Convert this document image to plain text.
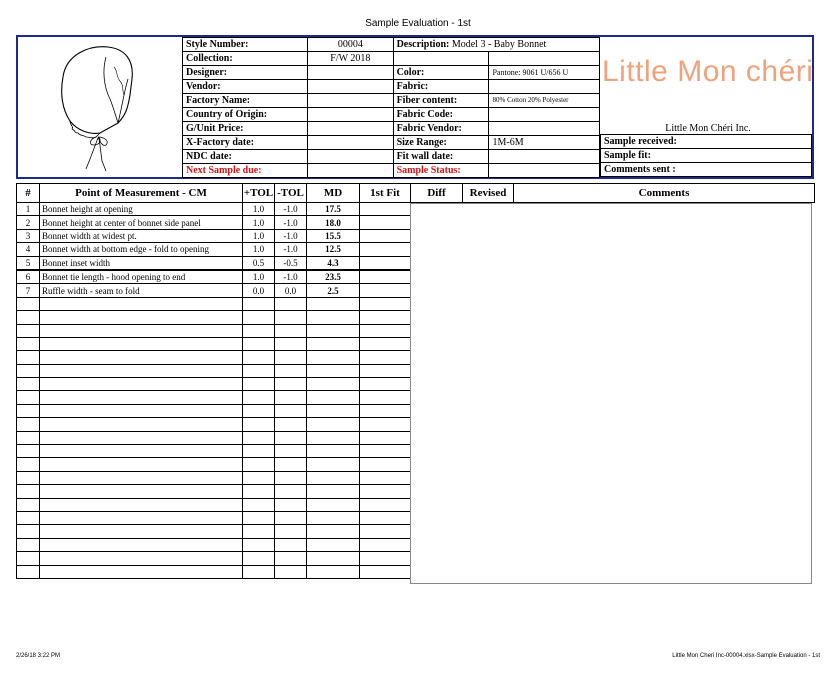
Sample Evaluation - 1st
Style Number:	00004	Description: Model 3 - Baby Bonnet	
Collection:	F/W 2018		
Designer:		Color:	Pantone: 9061 U/656 U
Vendor:		Fabric:	
Factory Name:		Fiber content:	80% Cotton 20% Polyester
Country of Origin:		Fabric Code:	
G/Unit Price:		Fabric Vendor:	
X-Factory date:		Size Range:	1M-6M
NDC date:		Fit wall date:	
Next Sample due:		Sample Status:	
Little Mon chéri
Little Mon Chéri Inc.
Sample received:
Sample fit:
Comments sent :
#	Point of Measurement - CM	+TOL	-TOL	MD	1st Fit	Diff	Revised	Comments
1	Bonnet height at opening	1.0	-1.0	17.5				
2	Bonnet height at center of bonnet side panel	1.0	-1.0	18.0				
3	Bonnet width at widest pt.	1.0	-1.0	15.5				
4	Bonnet width at bottom edge - fold to opening	1.0	-1.0	12.5				
5	Bonnet inset width	0.5	-0.5	4.3				
6	Bonnet tie length - hood opening to end	1.0	-1.0	23.5				
7	Ruffle width - seam to fold	0.0	0.0	2.5				

2/26/18 3:22 PM	Little Mon Cheri Inc-00004.xlsx-Sample Evaluation - 1st
